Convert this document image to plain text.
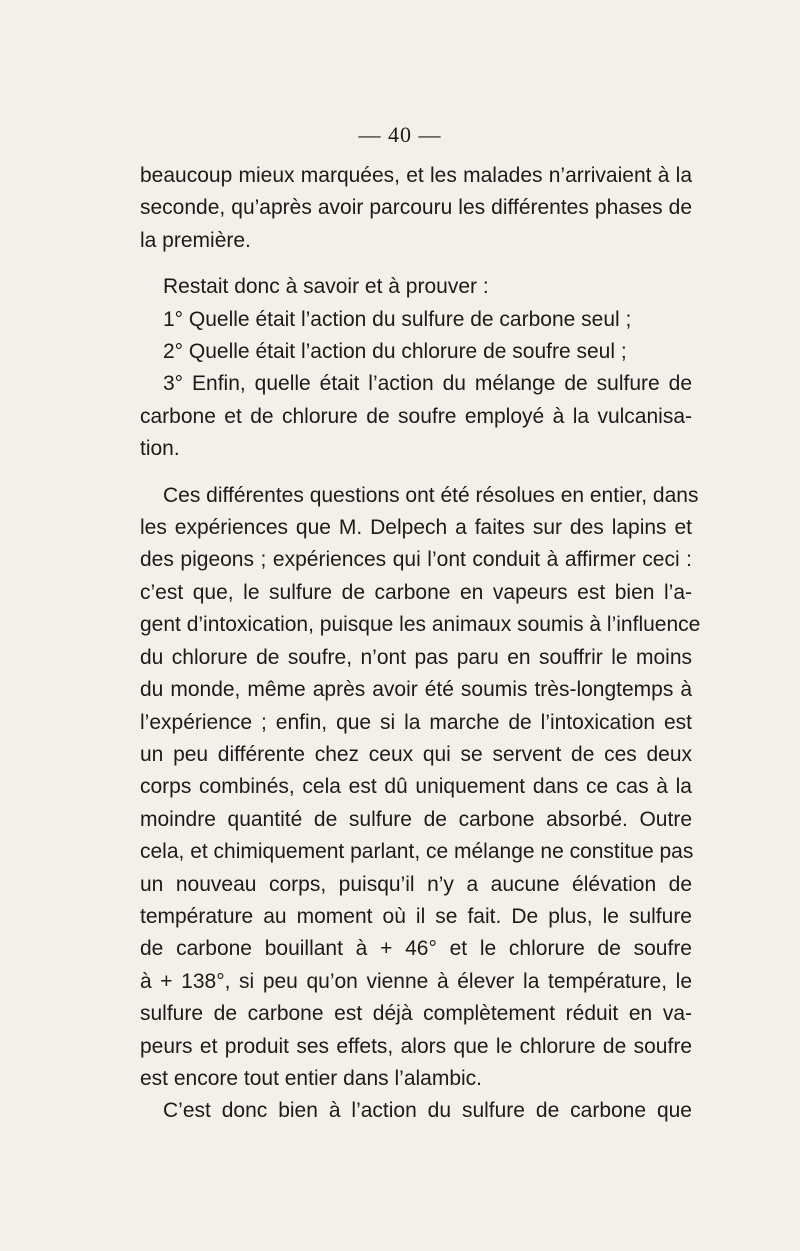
— 40 —
beaucoup mieux marquées, et les malades n’arrivaient à la
seconde, qu’après avoir parcouru les différentes phases de
la première.
Restait donc à savoir et à prouver :
1° Quelle était l’action du sulfure de carbone seul ;
2° Quelle était l’action du chlorure de soufre seul ;
3° Enfin, quelle était l’action du mélange de sulfure de
carbone et de chlorure de soufre employé à la vulcanisa-
tion.
Ces différentes questions ont été résolues en entier, dans
les expériences que M. Delpech a faites sur des lapins et
des pigeons ; expériences qui l’ont conduit à affirmer ceci :
c’est que, le sulfure de carbone en vapeurs est bien l’a-
gent d’intoxication, puisque les animaux soumis à l’influence
du chlorure de soufre, n’ont pas paru en souffrir le moins
du monde, même après avoir été soumis très-longtemps à
l’expérience ; enfin, que si la marche de l’intoxication est
un peu différente chez ceux qui se servent de ces deux
corps combinés, cela est dû uniquement dans ce cas à la
moindre quantité de sulfure de carbone absorbé. Outre
cela, et chimiquement parlant, ce mélange ne constitue pas
un nouveau corps, puisqu’il n’y a aucune élévation de
température au moment où il se fait. De plus, le sulfure
de carbone bouillant à + 46° et le chlorure de soufre
à + 138°, si peu qu’on vienne à élever la température, le
sulfure de carbone est déjà complètement réduit en va-
peurs et produit ses effets, alors que le chlorure de soufre
est encore tout entier dans l’alambic.
C’est donc bien à l’action du sulfure de carbone que
